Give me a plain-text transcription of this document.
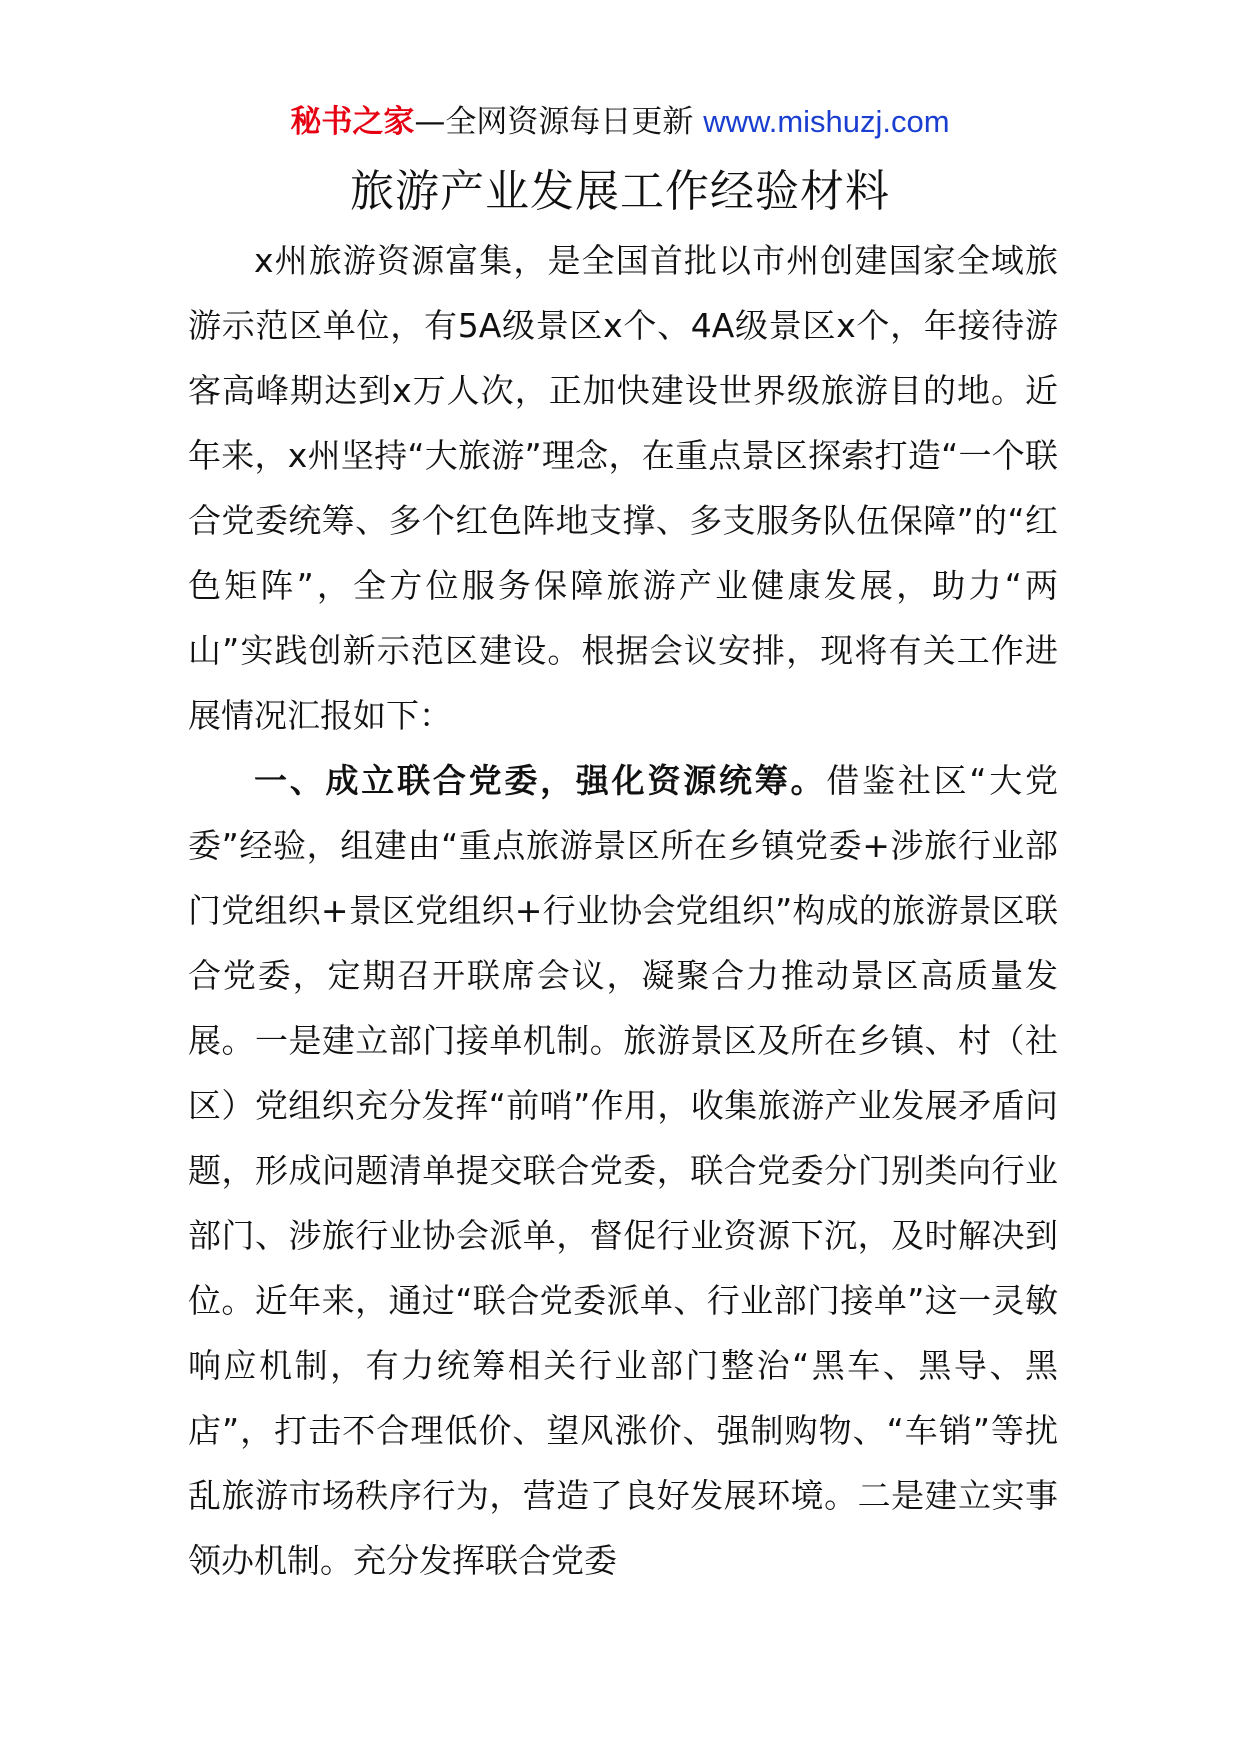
秘书之家—全网资源每日更新 www.mishuzj.com
旅游产业发展工作经验材料

x州旅游资源富集，是全国首批以市州创建国家全域旅游示范区单位，有5A级景区x个、4A级景区x个，年接待游客高峰期达到x万人次，正加快建设世界级旅游目的地。近年来，x州坚持“大旅游”理念，在重点景区探索打造“一个联合党委统筹、多个红色阵地支撑、多支服务队伍保障”的“红色矩阵”，全方位服务保障旅游产业健康发展，助力“两山”实践创新示范区建设。根据会议安排，现将有关工作进展情况汇报如下：

一、成立联合党委，强化资源统筹。借鉴社区“大党委”经验，组建由“重点旅游景区所在乡镇党委+涉旅行业部门党组织+景区党组织+行业协会党组织”构成的旅游景区联合党委，定期召开联席会议，凝聚合力推动景区高质量发展。一是建立部门接单机制。旅游景区及所在乡镇、村（社区）党组织充分发挥“前哨”作用，收集旅游产业发展矛盾问题，形成问题清单提交联合党委，联合党委分门别类向行业部门、涉旅行业协会派单，督促行业资源下沉，及时解决到位。近年来，通过“联合党委派单、行业部门接单”这一灵敏响应机制，有力统筹相关行业部门整治“黑车、黑导、黑店”，打击不合理低价、望风涨价、强制购物、“车销”等扰乱旅游市场秩序行为，营造了良好发展环境。二是建立实事领办机制。充分发挥联合党委
